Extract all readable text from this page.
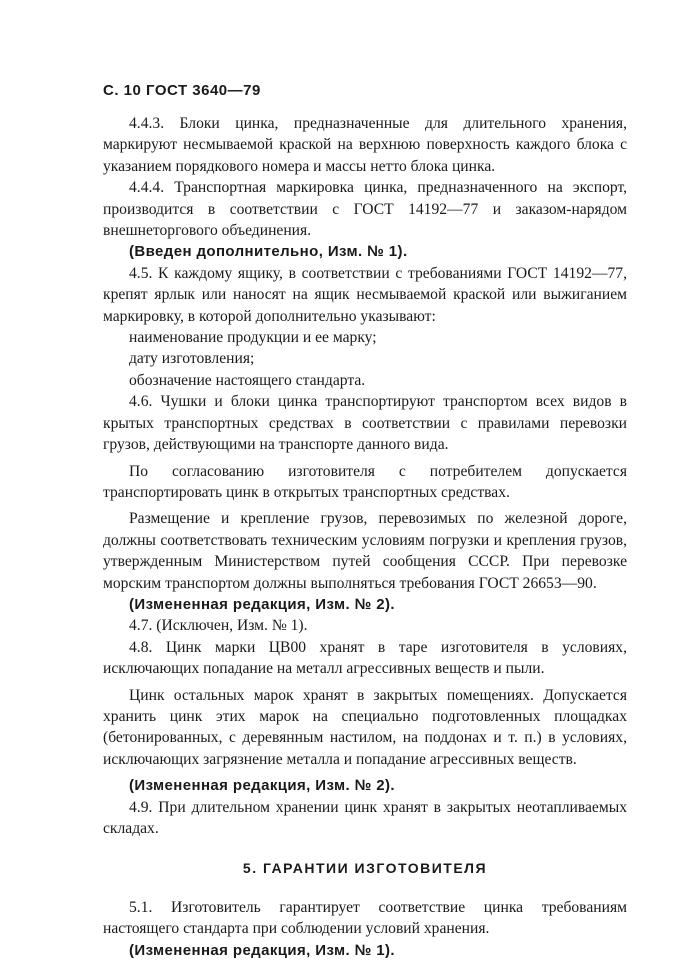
С. 10 ГОСТ 3640—79

4.4.3. Блоки цинка, предназначенные для длительного хранения, маркируют несмываемой краской на верхнюю поверхность каждого блока с указанием порядкового номера и массы нетто блока цинка.

4.4.4. Транспортная маркировка цинка, предназначенного на экспорт, производится в соответствии с ГОСТ 14192—77 и заказом-нарядом внешнеторгового объединения.

(Введен дополнительно, Изм. № 1).

4.5. К каждому ящику, в соответствии с требованиями ГОСТ 14192—77, крепят ярлык или наносят на ящик несмываемой краской или выжиганием маркировку, в которой дополнительно указывают:

наименование продукции и ее марку;
дату изготовления;
обозначение настоящего стандарта.

4.6. Чушки и блоки цинка транспортируют транспортом всех видов в крытых транспортных средствах в соответствии с правилами перевозки грузов, действующими на транспорте данного вида.

По согласованию изготовителя с потребителем допускается транспортировать цинк в открытых транспортных средствах.

Размещение и крепление грузов, перевозимых по железной дороге, должны соответствовать техническим условиям погрузки и крепления грузов, утвержденным Министерством путей сообщения СССР. При перевозке морским транспортом должны выполняться требования ГОСТ 26653—90.

(Измененная редакция, Изм. № 2).

4.7. (Исключен, Изм. № 1).

4.8. Цинк марки ЦВ00 хранят в таре изготовителя в условиях, исключающих попадание на металл агрессивных веществ и пыли.

Цинк остальных марок хранят в закрытых помещениях. Допускается хранить цинк этих марок на специально подготовленных площадках (бетонированных, с деревянным настилом, на поддонах и т. п.) в условиях, исключающих загрязнение металла и попадание агрессивных веществ.

(Измененная редакция, Изм. № 2).

4.9. При длительном хранении цинк хранят в закрытых неотапливаемых складах.

5. ГАРАНТИИ ИЗГОТОВИТЕЛЯ

5.1. Изготовитель гарантирует соответствие цинка требованиям настоящего стандарта при соблюдении условий хранения.

(Измененная редакция, Изм. № 1).
